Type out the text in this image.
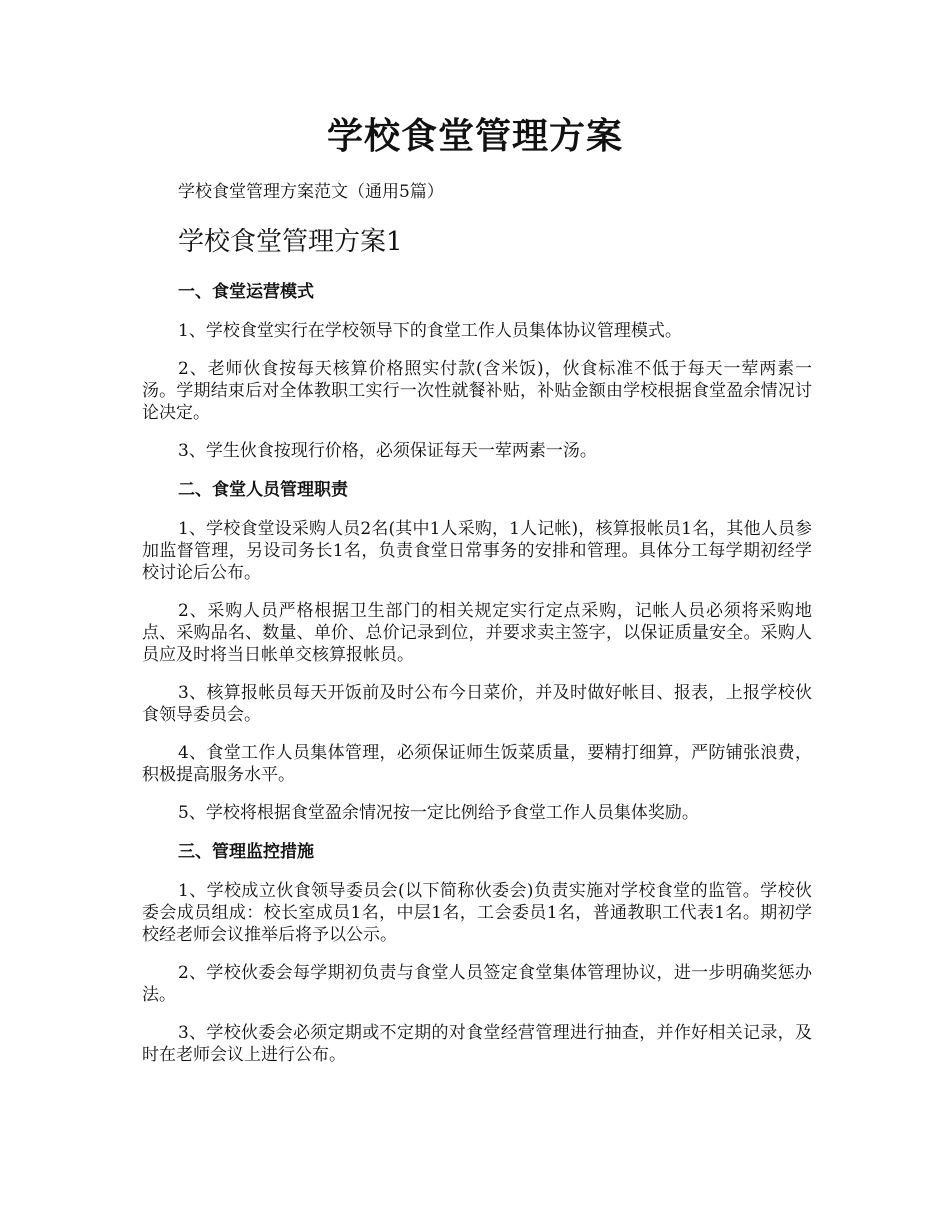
学校食堂管理方案

学校食堂管理方案范文（通用5篇）

学校食堂管理方案1

一、食堂运营模式

1、学校食堂实行在学校领导下的食堂工作人员集体协议管理模式。

2、老师伙食按每天核算价格照实付款(含米饭)，伙食标准不低于每天一荤两素一汤。学期结束后对全体教职工实行一次性就餐补贴，补贴金额由学校根据食堂盈余情况讨论决定。

3、学生伙食按现行价格，必须保证每天一荤两素一汤。

二、食堂人员管理职责

1、学校食堂设采购人员2名(其中1人采购，1人记帐)，核算报帐员1名，其他人员参加监督管理，另设司务长1名，负责食堂日常事务的安排和管理。具体分工每学期初经学校讨论后公布。

2、采购人员严格根据卫生部门的相关规定实行定点采购，记帐人员必须将采购地点、采购品名、数量、单价、总价记录到位，并要求卖主签字，以保证质量安全。采购人员应及时将当日帐单交核算报帐员。

3、核算报帐员每天开饭前及时公布今日菜价，并及时做好帐目、报表，上报学校伙食领导委员会。

4、食堂工作人员集体管理，必须保证师生饭菜质量，要精打细算，严防铺张浪费，积极提高服务水平。

5、学校将根据食堂盈余情况按一定比例给予食堂工作人员集体奖励。

三、管理监控措施

1、学校成立伙食领导委员会(以下简称伙委会)负责实施对学校食堂的监管。学校伙委会成员组成：校长室成员1名，中层1名，工会委员1名，普通教职工代表1名。期初学校经老师会议推举后将予以公示。

2、学校伙委会每学期初负责与食堂人员签定食堂集体管理协议，进一步明确奖惩办法。

3、学校伙委会必须定期或不定期的对食堂经营管理进行抽查，并作好相关记录，及时在老师会议上进行公布。
